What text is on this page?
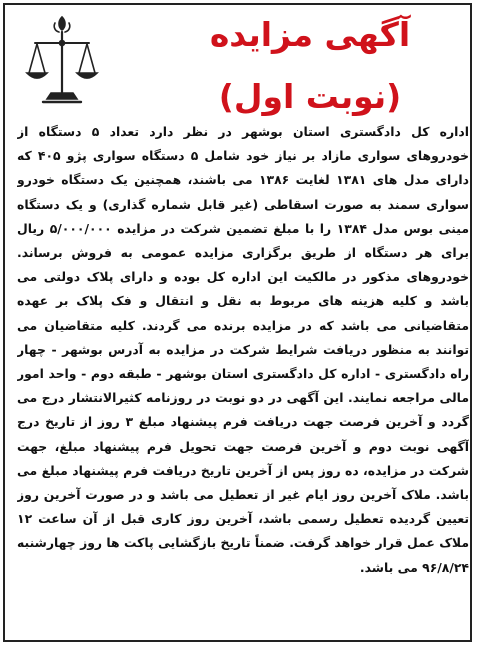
آگهی مزایده
(نوبت اول)
اداره کل دادگستری استان بوشهر در نظر دارد تعداد ۵ دستگاه از خودروهای سواری مازاد بر نیاز خود شامل ۵ دستگاه سواری پژو ۴۰۵ که دارای مدل های ۱۳۸۱ لغایت ۱۳۸۶ می باشند، همچنین یک دستگاه خودرو سواری سمند به صورت اسقاطی (غیر قابل شماره گذاری) و یک دستگاه مینی بوس مدل ۱۳۸۴ را با مبلغ تضمین شرکت در مزایده ۵/۰۰۰/۰۰۰ ریال برای هر دستگاه از طریق برگزاری مزایده عمومی به فروش برساند. خودروهای مذکور در مالکیت این اداره کل بوده و دارای پلاک دولتی می باشد و کلیه هزینه های مربوط به نقل و انتقال و فک پلاک بر عهده متقاضیانی می باشد که در مزایده برنده می گردند. کلیه متقاضیان می توانند به منظور دریافت شرایط شرکت در مزایده به آدرس بوشهر - چهار راه دادگستری - اداره کل دادگستری استان بوشهر - طبقه دوم - واحد امور مالی مراجعه نمایند. این آگهی در دو نوبت در روزنامه کثیرالانتشار درج می گردد و آخرین فرصت جهت دریافت فرم پیشنهاد مبلغ ۳ روز از تاریخ درج آگهی نوبت دوم و آخرین فرصت جهت تحویل فرم پیشنهاد مبلغ، جهت شرکت در مزایده، ده روز پس از آخرین تاریخ دریافت فرم پیشنهاد مبلغ می باشد. ملاک آخرین روز ایام غیر از تعطیل می باشد و در صورت آخرین روز تعیین گردیده تعطیل رسمی باشد، آخرین روز کاری قبل از آن ساعت ۱۲ ملاک عمل قرار خواهد گرفت. ضمناً تاریخ بازگشایی پاکت ها روز چهارشنبه ۹۶/۸/۲۴ می باشد.
